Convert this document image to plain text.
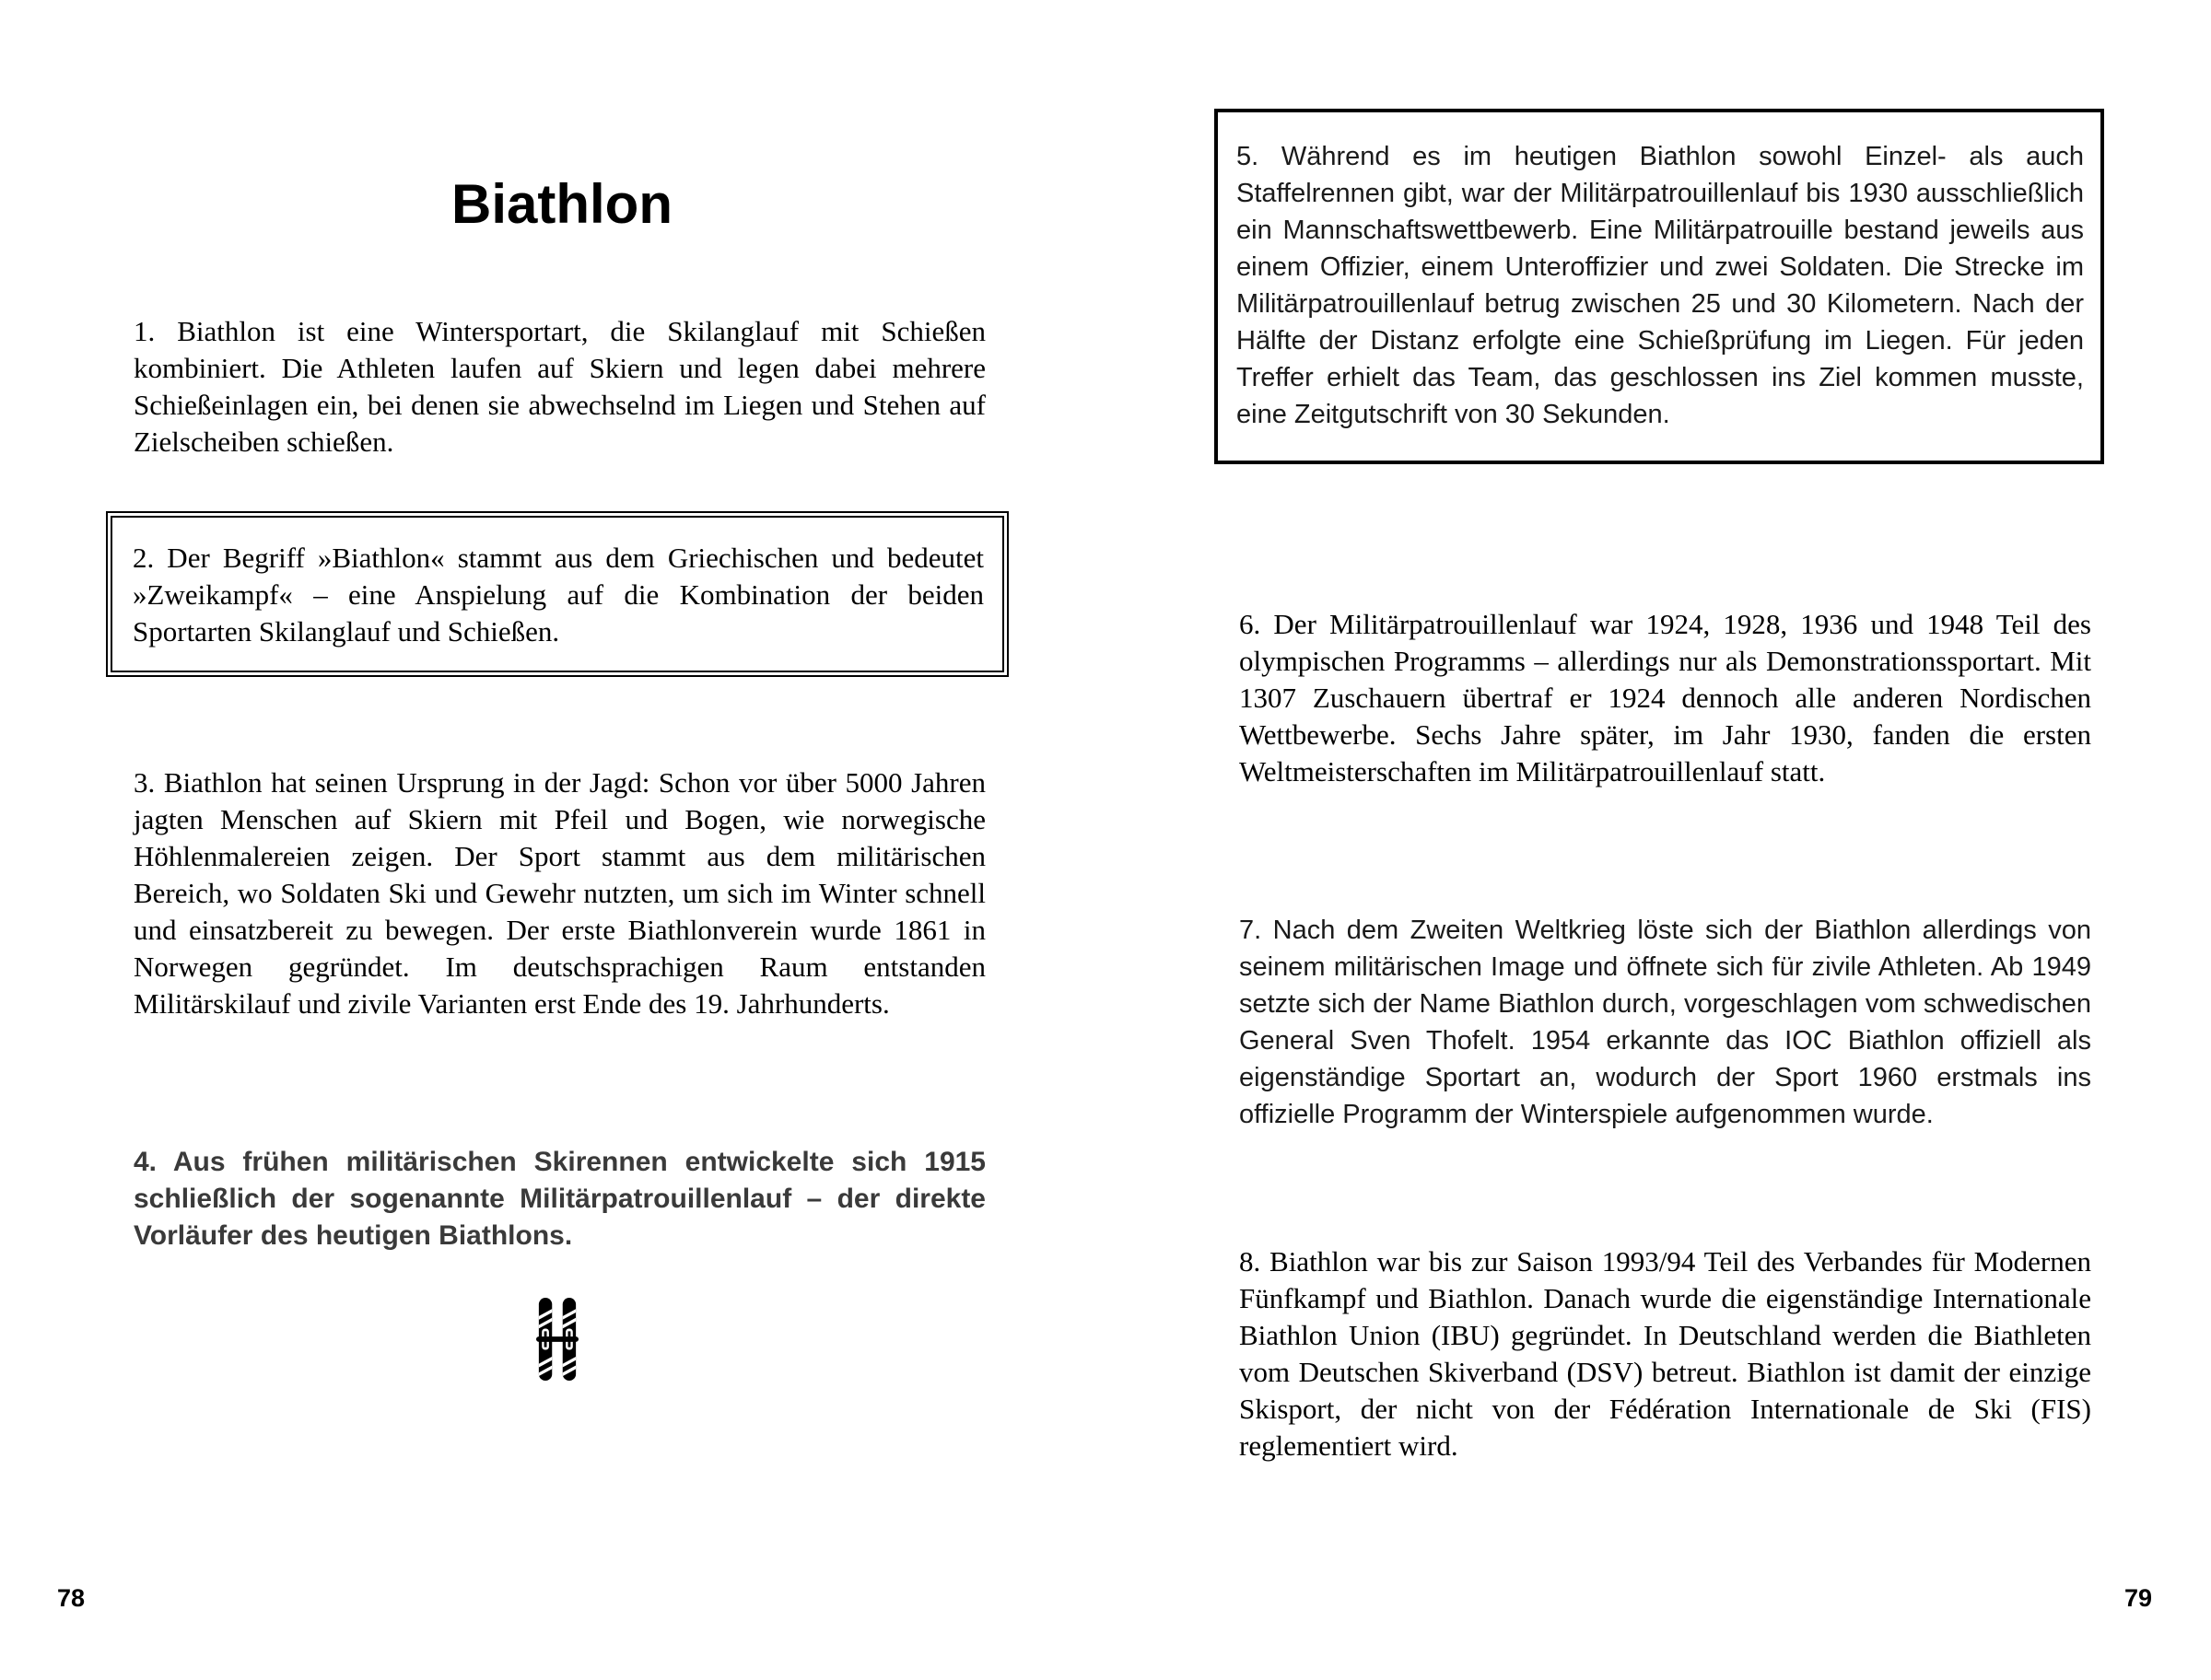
Biathlon

1. Biathlon ist eine Wintersportart, die Skilanglauf mit Schießen kombiniert. Die Athleten laufen auf Skiern und legen dabei mehrere Schießeinlagen ein, bei denen sie abwechselnd im Liegen und Stehen auf Zielscheiben schießen.

2. Der Begriff »Biathlon« stammt aus dem Griechischen und bedeutet »Zweikampf« – eine Anspielung auf die Kombination der beiden Sportarten Skilanglauf und Schießen.

3. Biathlon hat seinen Ursprung in der Jagd: Schon vor über 5000 Jahren jagten Menschen auf Skiern mit Pfeil und Bogen, wie norwegische Höhlenmalereien zeigen. Der Sport stammt aus dem militärischen Bereich, wo Soldaten Ski und Gewehr nutzten, um sich im Winter schnell und einsatzbereit zu bewegen. Der erste Biathlonverein wurde 1861 in Norwegen gegründet. Im deutschsprachigen Raum entstanden Militärskilauf und zivile Varianten erst Ende des 19. Jahrhunderts.

4. Aus frühen militärischen Skirennen entwickelte sich 1915 schließlich der sogenannte Militärpatrouillenlauf – der direkte Vorläufer des heutigen Biathlons.

78

5. Während es im heutigen Biathlon sowohl Einzel- als auch Staffelrennen gibt, war der Militärpatrouillenlauf bis 1930 ausschließlich ein Mannschaftswettbewerb. Eine Militärpatrouille bestand jeweils aus einem Offizier, einem Unteroffizier und zwei Soldaten. Die Strecke im Militärpatrouillenlauf betrug zwischen 25 und 30 Kilometern. Nach der Hälfte der Distanz erfolgte eine Schießprüfung im Liegen. Für jeden Treffer erhielt das Team, das geschlossen ins Ziel kommen musste, eine Zeitgutschrift von 30 Sekunden.

6. Der Militärpatrouillenlauf war 1924, 1928, 1936 und 1948 Teil des olympischen Programms – allerdings nur als Demonstrationssportart. Mit 1307 Zuschauern übertraf er 1924 dennoch alle anderen Nordischen Wettbewerbe. Sechs Jahre später, im Jahr 1930, fanden die ersten Weltmeisterschaften im Militärpatrouillenlauf statt.

7. Nach dem Zweiten Weltkrieg löste sich der Biathlon allerdings von seinem militärischen Image und öffnete sich für zivile Athleten. Ab 1949 setzte sich der Name Biathlon durch, vorgeschlagen vom schwedischen General Sven Thofelt. 1954 erkannte das IOC Biathlon offiziell als eigenständige Sportart an, wodurch der Sport 1960 erstmals ins offizielle Programm der Winterspiele aufgenommen wurde.

8. Biathlon war bis zur Saison 1993/94 Teil des Verbandes für Modernen Fünfkampf und Biathlon. Danach wurde die eigenständige Internationale Biathlon Union (IBU) gegründet. In Deutschland werden die Biathleten vom Deutschen Skiverband (DSV) betreut. Biathlon ist damit der einzige Skisport, der nicht von der Fédération Internationale de Ski (FIS) reglementiert wird.

79
